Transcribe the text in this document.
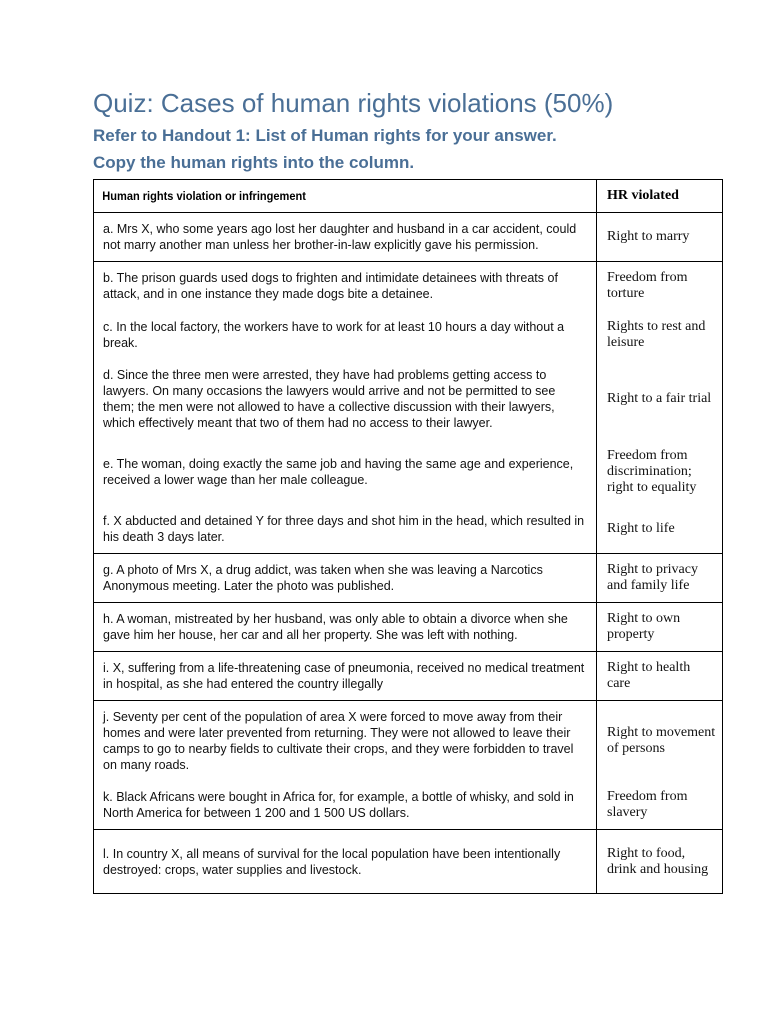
Quiz: Cases of human rights violations (50%)

Refer to Handout 1: List of Human rights for your answer.

Copy the human rights into the column.

Human rights violation or infringement	HR violated

a. Mrs X, who some years ago lost her daughter and husband in a car accident, could not marry another man unless her brother-in-law explicitly gave his permission.	Right to marry

b. The prison guards used dogs to frighten and intimidate detainees with threats of attack, and in one instance they made dogs bite a detainee.	Freedom from torture

c. In the local factory, the workers have to work for at least 10 hours a day without a break.	Rights to rest and leisure

d. Since the three men were arrested, they have had problems getting access to lawyers. On many occasions the lawyers would arrive and not be permitted to see them; the men were not allowed to have a collective discussion with their lawyers, which effectively meant that two of them had no access to their lawyer.	Right to a fair trial

e. The woman, doing exactly the same job and having the same age and experience, received a lower wage than her male colleague.	Freedom from discrimination; right to equality

f. X abducted and detained Y for three days and shot him in the head, which resulted in his death 3 days later.	Right to life

g. A photo of Mrs X, a drug addict, was taken when she was leaving a Narcotics Anonymous meeting. Later the photo was published.	Right to privacy and family life

h. A woman, mistreated by her husband, was only able to obtain a divorce when she gave him her house, her car and all her property. She was left with nothing.	Right to own property

i. X, suffering from a life-threatening case of pneumonia, received no medical treatment in hospital, as she had entered the country illegally	Right to health care

j. Seventy per cent of the population of area X were forced to move away from their homes and were later prevented from returning. They were not allowed to leave their camps to go to nearby fields to cultivate their crops, and they were forbidden to travel on many roads.	Right to movement of persons

k. Black Africans were bought in Africa for, for example, a bottle of whisky, and sold in North America for between 1 200 and 1 500 US dollars.	Freedom from slavery

l. In country X, all means of survival for the local population have been intentionally destroyed: crops, water supplies and livestock.	Right to food, drink and housing
